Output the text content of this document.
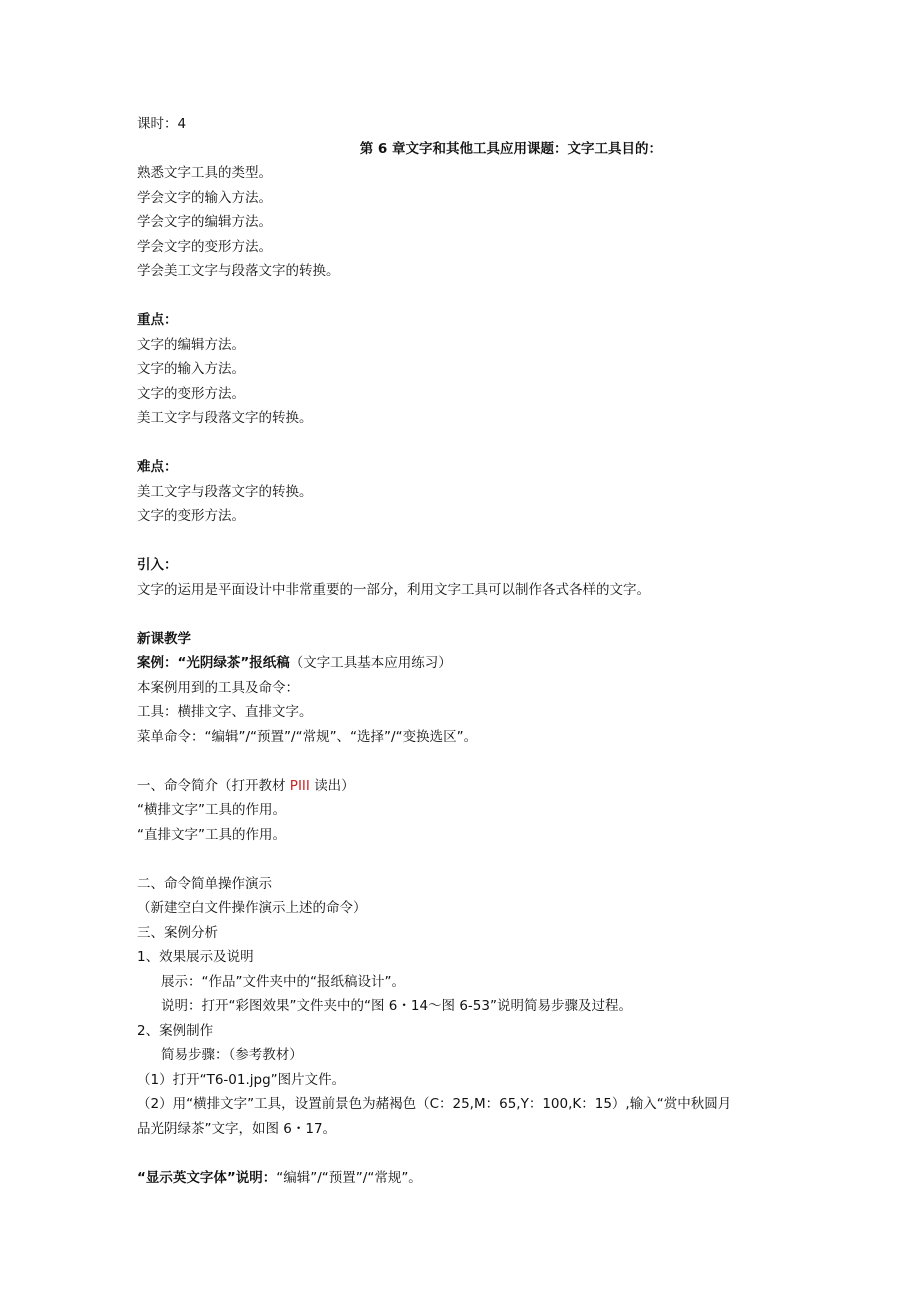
课时：4
第 6 章文字和其他工具应用课题：文字工具目的：
熟悉文字工具的类型。
学会文字的输入方法。
学会文字的编辑方法。
学会文字的变形方法。
学会美工文字与段落文字的转换。
重点：
文字的编辑方法。
文字的输入方法。
文字的变形方法。
美工文字与段落文字的转换。
难点：
美工文字与段落文字的转换。
文字的变形方法。
引入：
文字的运用是平面设计中非常重要的一部分，利用文字工具可以制作各式各样的文字。
新课教学
案例：“光阴绿茶”报纸稿（文字工具基本应用练习）
本案例用到的工具及命令：
工具：横排文字、直排文字。
菜单命令：“编辑”/“预置”/“常规”、“选择”/“变换选区”。
一、命令简介（打开教材 PIII 读出）
“横排文字”工具的作用。
“直排文字”工具的作用。
二、命令简单操作演示
（新建空白文件操作演示上述的命令）
三、案例分析
1、效果展示及说明
展示：“作品”文件夹中的“报纸稿设计”。
说明：打开“彩图效果”文件夹中的“图 6・14～图 6-53”说明简易步骤及过程。
2、案例制作
简易步骤：（参考教材）
（1）打开“T6-01.jpg”图片文件。
（2）用“横排文字”工具，设置前景色为赭褐色（C：25,M：65,Y：100,K：15）,输入“赏中秋圆月
品光阴绿茶”文字，如图 6・17。
“显示英文字体”说明：“编辑”/“预置”/“常规”。
